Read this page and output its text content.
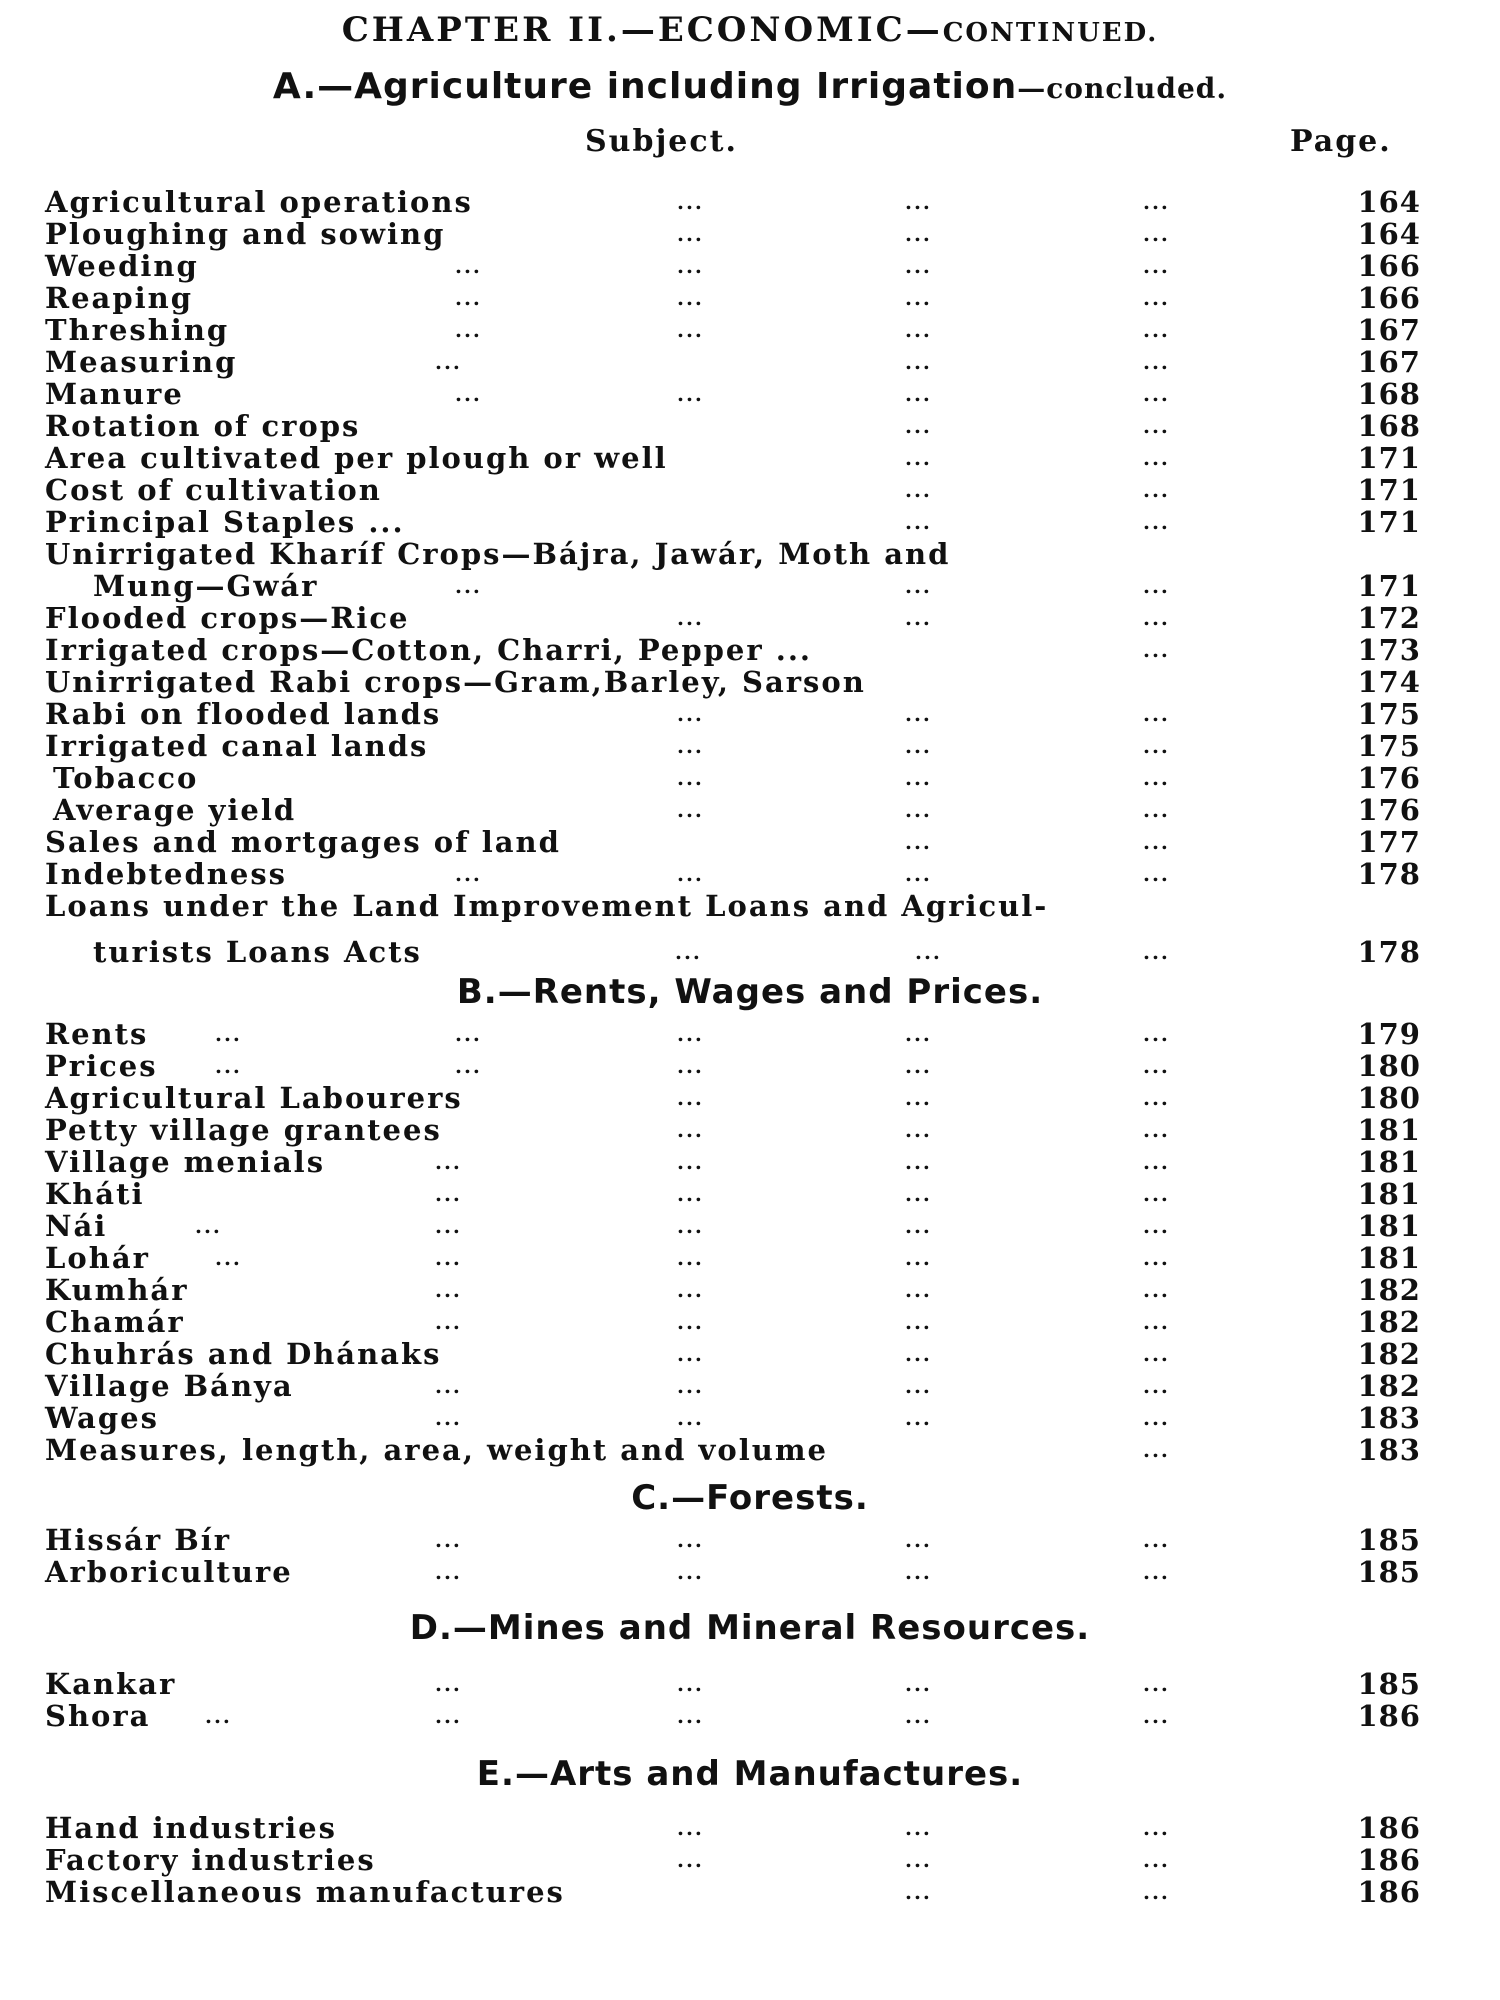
CHAPTER II.—ECONOMIC—CONTINUED.
A.—Agriculture including Irrigation—concluded.
Subject.	Page.
Agricultural operations	...	...	...	164
Ploughing and sowing	...	...	...	164
Weeding	...	...	...	...	166
Reaping	...	...	...	...	166
Threshing	...	...	...	...	167
Measuring	...	...	...	167
Manure	...	...	...	...	168
Rotation of crops	...	...	168
Area cultivated per plough or well	...	...	171
Cost of cultivation	...	...	171
Principal Staples ...	...	...	171
Unirrigated Kharíf Crops—Bájra, Jawár, Moth and
Mung—Gwár	...	...	...	171
Flooded crops—Rice	...	...	...	172
Irrigated crops—Cotton, Charri, Pepper ...	...	173
Unirrigated Rabi crops—Gram,Barley, Sarson	174
Rabi on flooded lands	...	...	...	175
Irrigated canal lands	...	...	...	175
Tobacco	...	...	...	176
Average yield	...	...	...	176
Sales and mortgages of land	...	...	177
Indebtedness	...	...	...	...	178
Loans under the Land Improvement Loans and Agricul-
turists Loans Acts	...	...	...	178
B.—Rents, Wages and Prices.
Rents	...	...	...	...	...	179
Prices	...	...	...	...	...	180
Agricultural Labourers	...	...	...	180
Petty village grantees	...	...	...	181
Village menials	...	...	...	...	181
Kháti	...	...	...	...	181
Nái	...	...	...	...	...	181
Lohár	...	...	...	...	...	181
Kumhár	...	...	...	...	182
Chamár	...	...	...	...	182
Chuhrás and Dhánaks	...	...	...	182
Village Bánya	...	...	...	...	182
Wages	...	...	...	...	183
Measures, length, area, weight and volume	...	183
C.—Forests.
Hissár Bír	...	...	...	...	185
Arboriculture	...	...	...	...	185
D.—Mines and Mineral Resources.
Kankar	...	...	...	...	185
Shora	...	...	...	...	...	186
E.—Arts and Manufactures.
Hand industries	...	...	...	186
Factory industries	...	...	...	186
Miscellaneous manufactures	...	...	186
